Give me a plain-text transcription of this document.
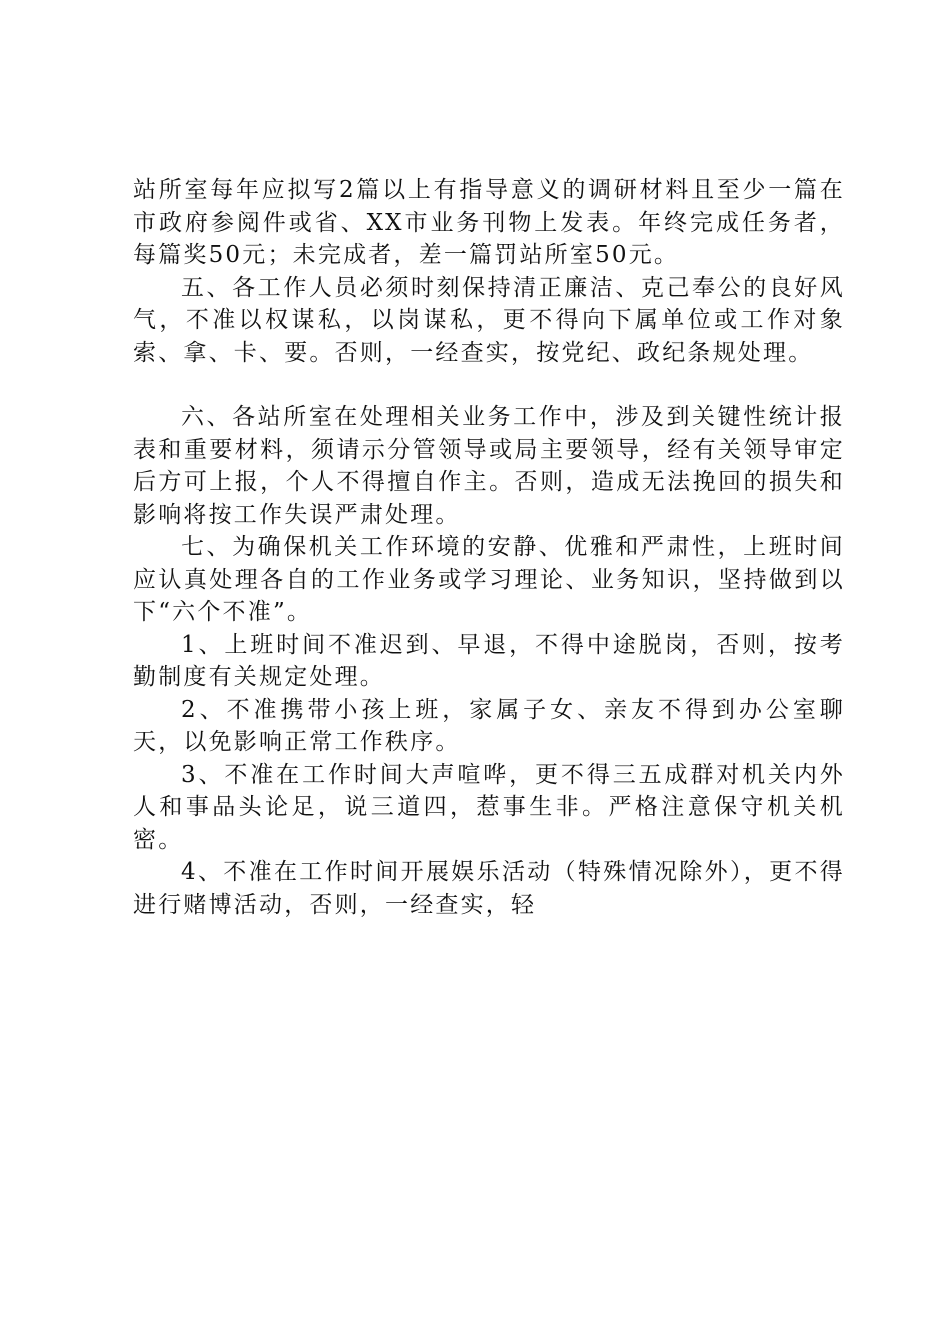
站所室每年应拟写2篇以上有指导意义的调研材料且至少一篇在市政府参阅件或省、XX市业务刊物上发表。年终完成任务者，每篇奖50元；未完成者，差一篇罚站所室50元。

五、各工作人员必须时刻保持清正廉洁、克己奉公的良好风气，不准以权谋私，以岗谋私，更不得向下属单位或工作对象索、拿、卡、要。否则，一经查实，按党纪、政纪条规处理。

六、各站所室在处理相关业务工作中，涉及到关键性统计报表和重要材料，须请示分管领导或局主要领导，经有关领导审定后方可上报，个人不得擅自作主。否则，造成无法挽回的损失和影响将按工作失误严肃处理。

七、为确保机关工作环境的安静、优雅和严肃性，上班时间应认真处理各自的工作业务或学习理论、业务知识，坚持做到以下“六个不准”。

1、上班时间不准迟到、早退，不得中途脱岗，否则，按考勤制度有关规定处理。

2、不准携带小孩上班，家属子女、亲友不得到办公室聊天，以免影响正常工作秩序。

3、不准在工作时间大声喧哗，更不得三五成群对机关内外人和事品头论足，说三道四，惹事生非。严格注意保守机关机密。

4、不准在工作时间开展娱乐活动（特殊情况除外），更不得进行赌博活动，否则，一经查实，轻
